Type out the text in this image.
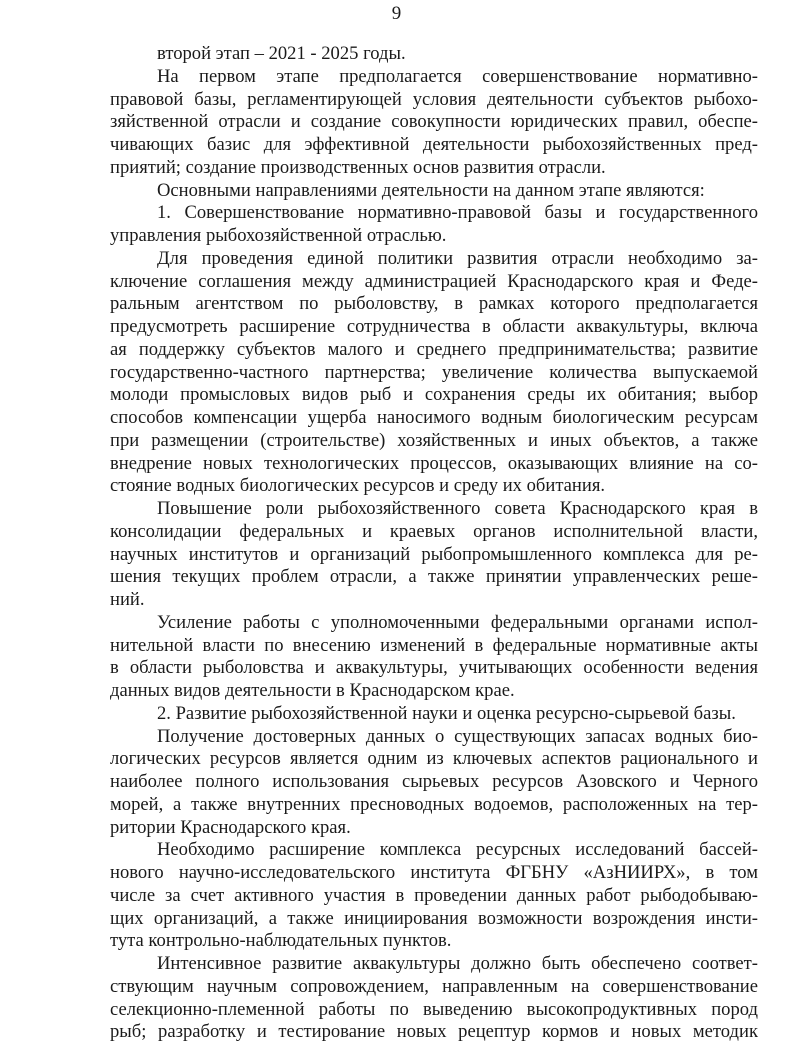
9
второй этап – 2021 - 2025 годы.
На первом этапе предполагается совершенствование нормативно-
правовой базы, регламентирующей условия деятельности субъектов рыбохо-
зяйственной отрасли и создание совокупности юридических правил, обеспе-
чивающих базис для эффективной деятельности рыбохозяйственных пред-
приятий; создание производственных основ развития отрасли.
Основными направлениями деятельности на данном этапе являются:
1. Совершенствование нормативно-правовой базы и государственного
управления рыбохозяйственной отраслью.
Для проведения единой политики развития отрасли необходимо за-
ключение соглашения между администрацией Краснодарского края и Феде-
ральным агентством по рыболовству, в рамках которого предполагается
предусмотреть расширение сотрудничества в области аквакультуры, включа
ая поддержку субъектов малого и среднего предпринимательства; развитие
государственно-частного партнерства; увеличение количества выпускаемой
молоди промысловых видов рыб и сохранения среды их обитания; выбор
способов компенсации ущерба наносимого водным биологическим ресурсам
при размещении (строительстве) хозяйственных и иных объектов, а также
внедрение новых технологических процессов, оказывающих влияние на со-
стояние водных биологических ресурсов и среду их обитания.
Повышение роли рыбохозяйственного совета Краснодарского края в
консолидации федеральных и краевых органов исполнительной власти,
научных институтов и организаций рыбопромышленного комплекса для ре-
шения текущих проблем отрасли, а также принятии управленческих реше-
ний.
Усиление работы с уполномоченными федеральными органами испол-
нительной власти по внесению изменений в федеральные нормативные акты
в области рыболовства и аквакультуры, учитывающих особенности ведения
данных видов деятельности в Краснодарском крае.
2. Развитие рыбохозяйственной науки и оценка ресурсно-сырьевой базы.
Получение достоверных данных о существующих запасах водных био-
логических ресурсов является одним из ключевых аспектов рационального и
наиболее полного использования сырьевых ресурсов Азовского и Черного
морей, а также внутренних пресноводных водоемов, расположенных на тер-
ритории Краснодарского края.
Необходимо расширение комплекса ресурсных исследований бассей-
нового научно-исследовательского института ФГБНУ «АзНИИРХ», в том
числе за счет активного участия в проведении данных работ рыбодобываю-
щих организаций, а также инициирования возможности возрождения инсти-
тута контрольно-наблюдательных пунктов.
Интенсивное развитие аквакультуры должно быть обеспечено соответ-
ствующим научным сопровождением, направленным на совершенствование
селекционно-племенной работы по выведению высокопродуктивных пород
рыб; разработку и тестирование новых рецептур кормов и новых методик
